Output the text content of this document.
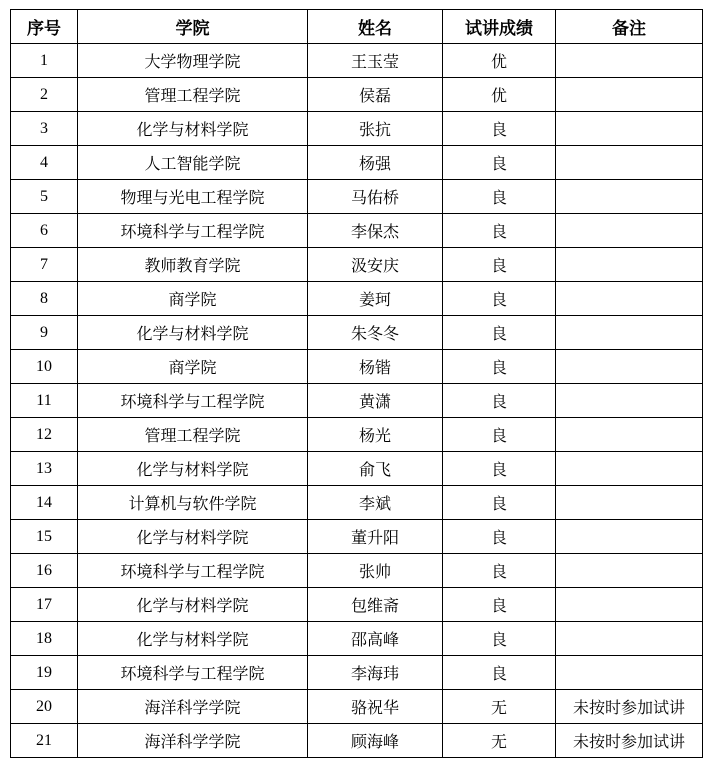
序号	学院	姓名	试讲成绩	备注
1	大学物理学院	王玉莹	优	
2	管理工程学院	侯磊	优	
3	化学与材料学院	张抗	良	
4	人工智能学院	杨强	良	
5	物理与光电工程学院	马佑桥	良	
6	环境科学与工程学院	李保杰	良	
7	教师教育学院	汲安庆	良	
8	商学院	姜珂	良	
9	化学与材料学院	朱冬冬	良	
10	商学院	杨锴	良	
11	环境科学与工程学院	黄潇	良	
12	管理工程学院	杨光	良	
13	化学与材料学院	俞飞	良	
14	计算机与软件学院	李斌	良	
15	化学与材料学院	董升阳	良	
16	环境科学与工程学院	张帅	良	
17	化学与材料学院	包维斋	良	
18	化学与材料学院	邵高峰	良	
19	环境科学与工程学院	李海玮	良	
20	海洋科学学院	骆祝华	无	未按时参加试讲
21	海洋科学学院	顾海峰	无	未按时参加试讲
